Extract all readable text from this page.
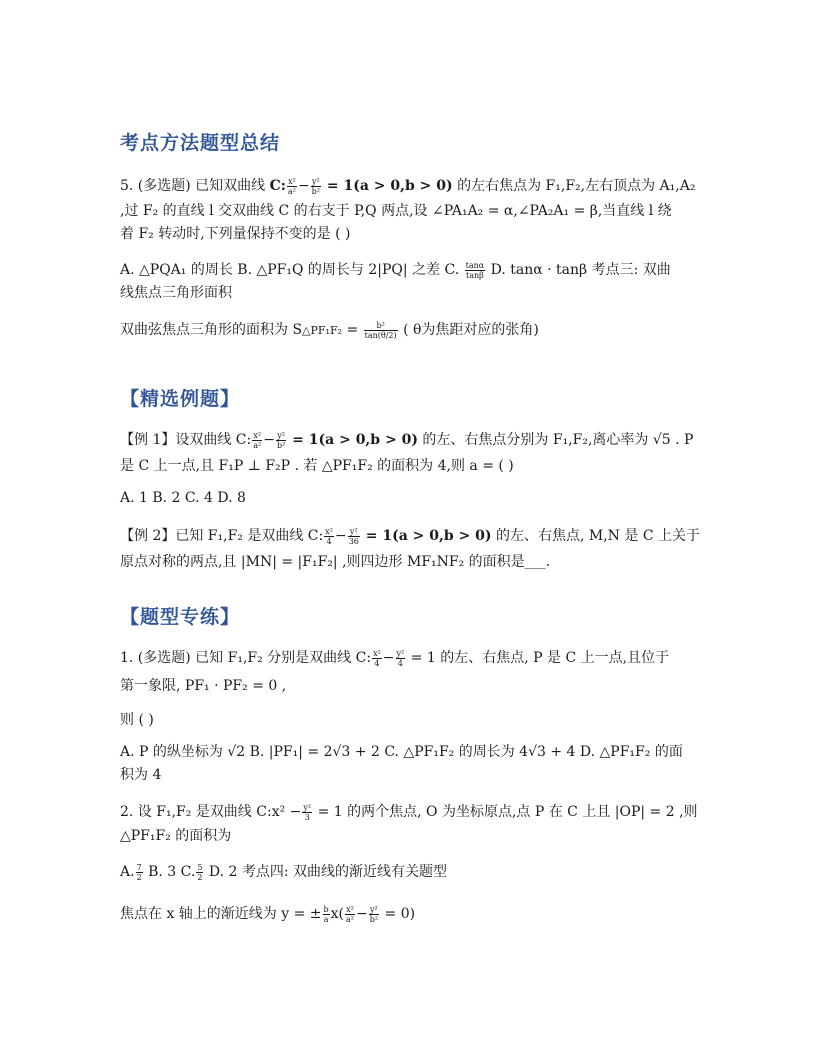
考点方法题型总结
5. (多选题) 已知双曲线 C: $\frac{\text{x²}}{\text{a²}} - \frac{\text{y²}}{\text{b²}} = 1(a > 0,b > 0)$ 的左右焦点为 F₁,F₂,左右顶点为 A₁,A₂
,过 F₂ 的直线 l 交双曲线 C 的右支于 P,Q 两点,设 ∠PA₁A₂ = α,∠PA₂A₁ = β,当直线 l 绕
着 F₂ 转动时,下列量保持不变的是 ( )
A. △PQA₁ 的周长 B. △PF₁Q 的周长与 2|PQ| 之差 C. $\frac{\tan\alpha}{\tan\beta} D$. tanα · tanβ 考点三: 双曲
线焦点三角形面积
双曲弦焦点三角形的面积为 S△PF₁F₂ = $\frac{\text{b²}}{\tan(\theta/2)}$ ( θ为焦距对应的张角)
【精选例题】
【例 1】设双曲线 C: $\frac{\text{x²}}{\text{a²}} - \frac{\text{y²}}{\text{b²}} = 1(a > 0,b > 0)$ 的左、右焦点分别为 F₁,F₂,离心率为 √5 . P
是 C 上一点,且 F₁P ⊥ F₂P . 若 △PF₁F₂ 的面积为 4,则 a = ( )
A. 1 B. 2 C. 4 D. 8
【例 2】已知 F₁,F₂ 是双曲线 C: $\frac{\text{x²}}{4} - \frac{\text{y²}}{36} = 1(a > 0,b > 0)$ 的左、右焦点, M,N 是 C 上关于
原点对称的两点,且 |MN| = |F₁F₂| ,则四边形 MF₁NF₂ 的面积是___.
【题型专练】
1. (多选题) 已知 F₁,F₂ 分别是双曲线 C: $\frac{\text{x²}}{4} - \frac{\text{y²}}{4} = 1$ 的左、右焦点, P 是 C 上一点,且位于
第一象限, PF₁ · PF₂ = 0 ,
则 ( )
A. P 的纵坐标为 √2 B. |PF₁| = 2√3 + 2 C. △PF₁F₂ 的周长为 4√3 + 4 D. △PF₁F₂ 的面
积为 4
2. 设 F₁,F₂ 是双曲线 C:x² − $\frac{\text{y²}}{3} = 1$ 的两个焦点, O 为坐标原点,点 P 在 C 上且 |OP| = 2 ,则
△PF₁F₂ 的面积为
A. $\frac{7}{2} B$. 3 C. $\frac{5}{2} D$. 2 考点四: 双曲线的渐近线有关题型
焦点在 x 轴上的渐近线为 y = ± $\frac{b}{a} x( \frac{\text{x²}}{\text{a²}} - \frac{\text{y²}}{\text{b²}} = 0)$
